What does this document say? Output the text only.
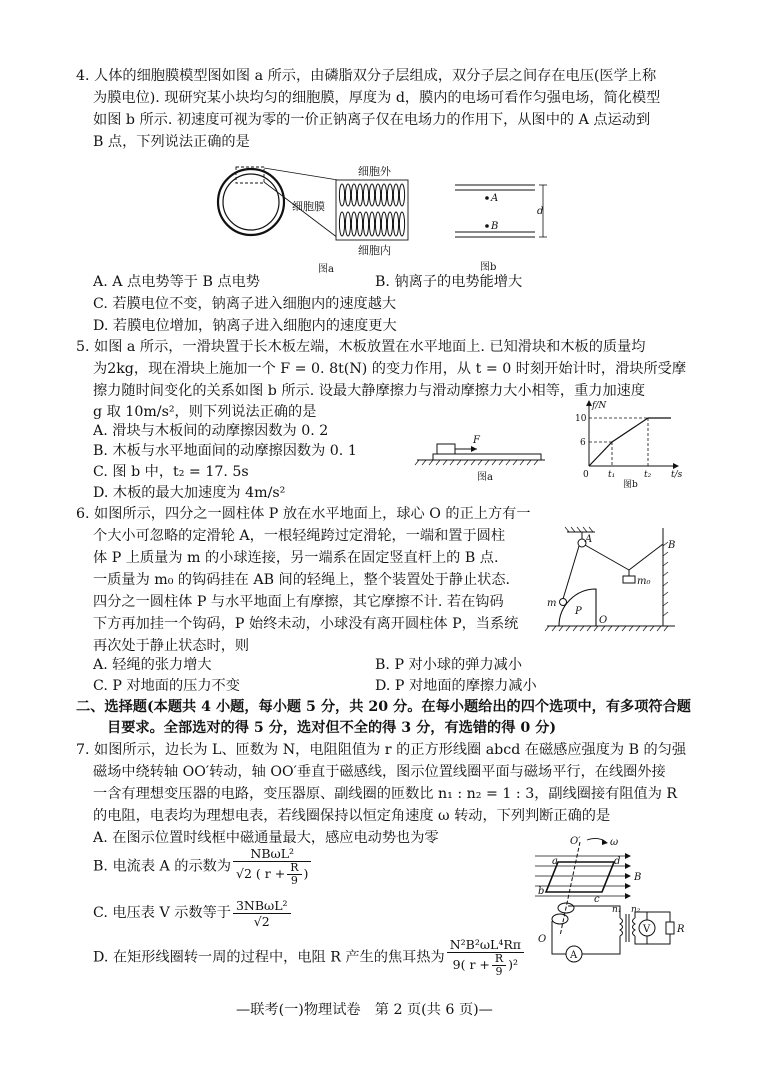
4. 人体的细胞膜模型图如图 a 所示，由磷脂双分子层组成，双分子层之间存在电压(医学上称
为膜电位). 现研究某小块均匀的细胞膜，厚度为 d，膜内的电场可看作匀强电场，简化模型
如图 b 所示. 初速度可视为零的一价正钠离子仅在电场力的作用下，从图中的 A 点运动到
B 点，下列说法正确的是
细胞外
细胞膜
细胞内
图a
A
B
d
图b
A. A 点电势等于 B 点电势	B. 钠离子的电势能增大
C. 若膜电位不变，钠离子进入细胞内的速度越大
D. 若膜电位增加，钠离子进入细胞内的速度更大
5. 如图 a 所示，一滑块置于长木板左端，木板放置在水平地面上. 已知滑块和木板的质量均
为2kg，现在滑块上施加一个 F = 0. 8t(N) 的变力作用，从 t = 0 时刻开始计时，滑块所受摩
擦力随时间变化的关系如图 b 所示. 设最大静摩擦力与滑动摩擦力大小相等，重力加速度
g 取 10m/s²，则下列说法正确的是
A. 滑块与木板间的动摩擦因数为 0. 2
B. 木板与水平地面间的动摩擦因数为 0. 1
C. 图 b 中，t₂ = 17. 5s
D. 木板的最大加速度为 4m/s²
F
图a
f/N
10
6
0 t₁	t₂ t/s
图b
6. 如图所示，四分之一圆柱体 P 放在水平地面上，球心 O 的正上方有一
个大小可忽略的定滑轮 A，一根轻绳跨过定滑轮，一端和置于圆柱
体 P 上质量为 m 的小球连接，另一端系在固定竖直杆上的 B 点.
一质量为 m₀ 的钩码挂在 AB 间的轻绳上，整个装置处于静止状态.
四分之一圆柱体 P 与水平地面上有摩擦，其它摩擦不计. 若在钩码
下方再加挂一个钩码，P 始终未动，小球没有离开圆柱体 P，当系统
再次处于静止状态时，则
A
B
m₀
m
P
O
A. 轻绳的张力增大	B. P 对小球的弹力减小
C. P 对地面的压力不变	D. P 对地面的摩擦力减小
二、选择题(本题共 4 小题，每小题 5 分，共 20 分。在每小题给出的四个选项中，有多项符合题
目要求。全部选对的得 5 分，选对但不全的得 3 分，有选错的得 0 分)
7. 如图所示，边长为 L、匝数为 N，电阻阻值为 r 的正方形线圈 abcd 在磁感应强度为 B 的匀强
磁场中绕转轴 OO′转动，轴 OO′垂直于磁感线，图示位置线圈平面与磁场平行，在线圈外接
一含有理想变压器的电路，变压器原、副线圈的匝数比 n₁ : n₂ = 1 : 3，副线圈接有阻值为 R
的电阻，电表均为理想电表，若线圈保持以恒定角速度 ω 转动，下列判断正确的是
A. 在图示位置时线框中磁通量最大，感应电动势也为零
B. 电流表 A 的示数为 $\frac{\text{NBωL²}}{√2 ( r + \frac{R}{9} )}$
C. 电压表 V 示数等于 $\frac{\text{3NBωL²}}{√2}$
D. 在矩形线圈转一周的过程中，电阻 R 产生的焦耳热为 $\frac{\text{N²B²ωL⁴Rπ}}{9( r + \frac{R}{9} )^2}$
O′	ω
B
a
b
c
d
O
n₁ n₂
A
V	R
—联考(一)物理试卷　第 2 页(共 6 页)—
